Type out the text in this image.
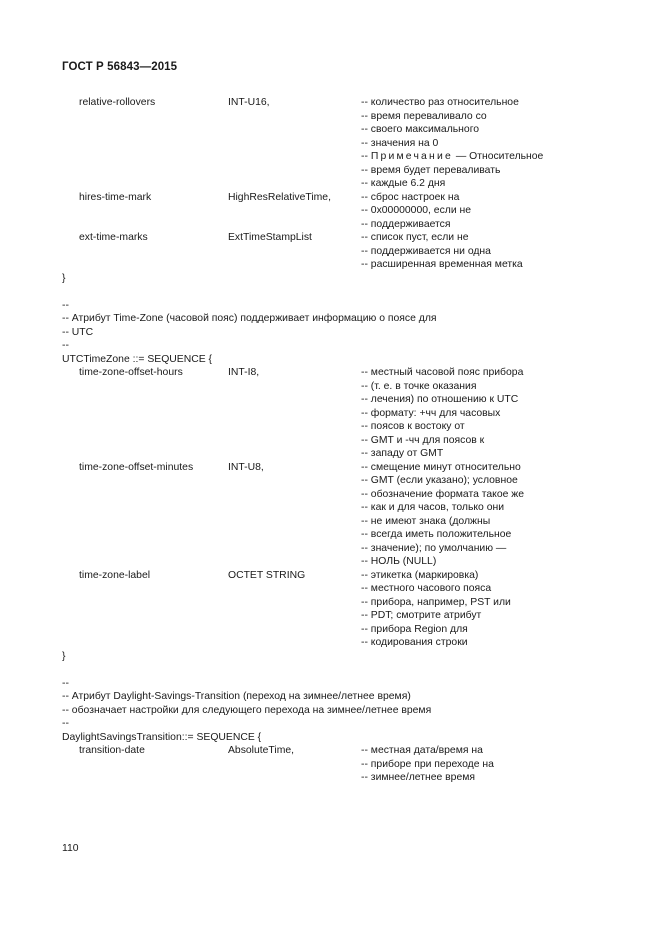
ГОСТ Р 56843—2015
relative-rollovers	INT-U16,	-- количество раз относительное
-- время переваливало со
-- своего максимального
-- значения на 0
-- Примечание — Относительное
-- время будет переваливать
-- каждые 6.2 дня
hires-time-mark	HighResRelativeTime,	-- сброс настроек на
-- 0x00000000, если не
-- поддерживается
ext-time-marks	ExtTimeStampList	-- список пуст, если не
-- поддерживается ни одна
-- расширенная временная метка
}
--
-- Атрибут Time-Zone (часовой пояс) поддерживает информацию о поясе для
-- UTC
--
UTCTimeZone ::= SEQUENCE {
time-zone-offset-hours	INT-I8,	-- местный часовой пояс прибора
-- (т. е. в точке оказания
-- лечения) по отношению к UTC
-- формату: +чч для часовых
-- поясов к востоку от
-- GMT и -чч для поясов к
-- западу от GMT
time-zone-offset-minutes	INT-U8,	-- смещение минут относительно
-- GMT (если указано); условное
-- обозначение формата такое же
-- как и для часов, только они
-- не имеют знака (должны
-- всегда иметь положительное
-- значение); по умолчанию —
-- НОЛЬ (NULL)
time-zone-label	OCTET STRING	-- этикетка (маркировка)
-- местного часового пояса
-- прибора, например, PST или
-- PDT; смотрите атрибут
-- прибора Region для
-- кодирования строки
}
--
-- Атрибут Daylight-Savings-Transition (переход на зимнее/летнее время)
-- обозначает настройки для следующего перехода на зимнее/летнее время
--
DaylightSavingsTransition::= SEQUENCE {
transition-date	AbsoluteTime,	-- местная дата/время на
-- приборе при переходе на
-- зимнее/летнее время
110
